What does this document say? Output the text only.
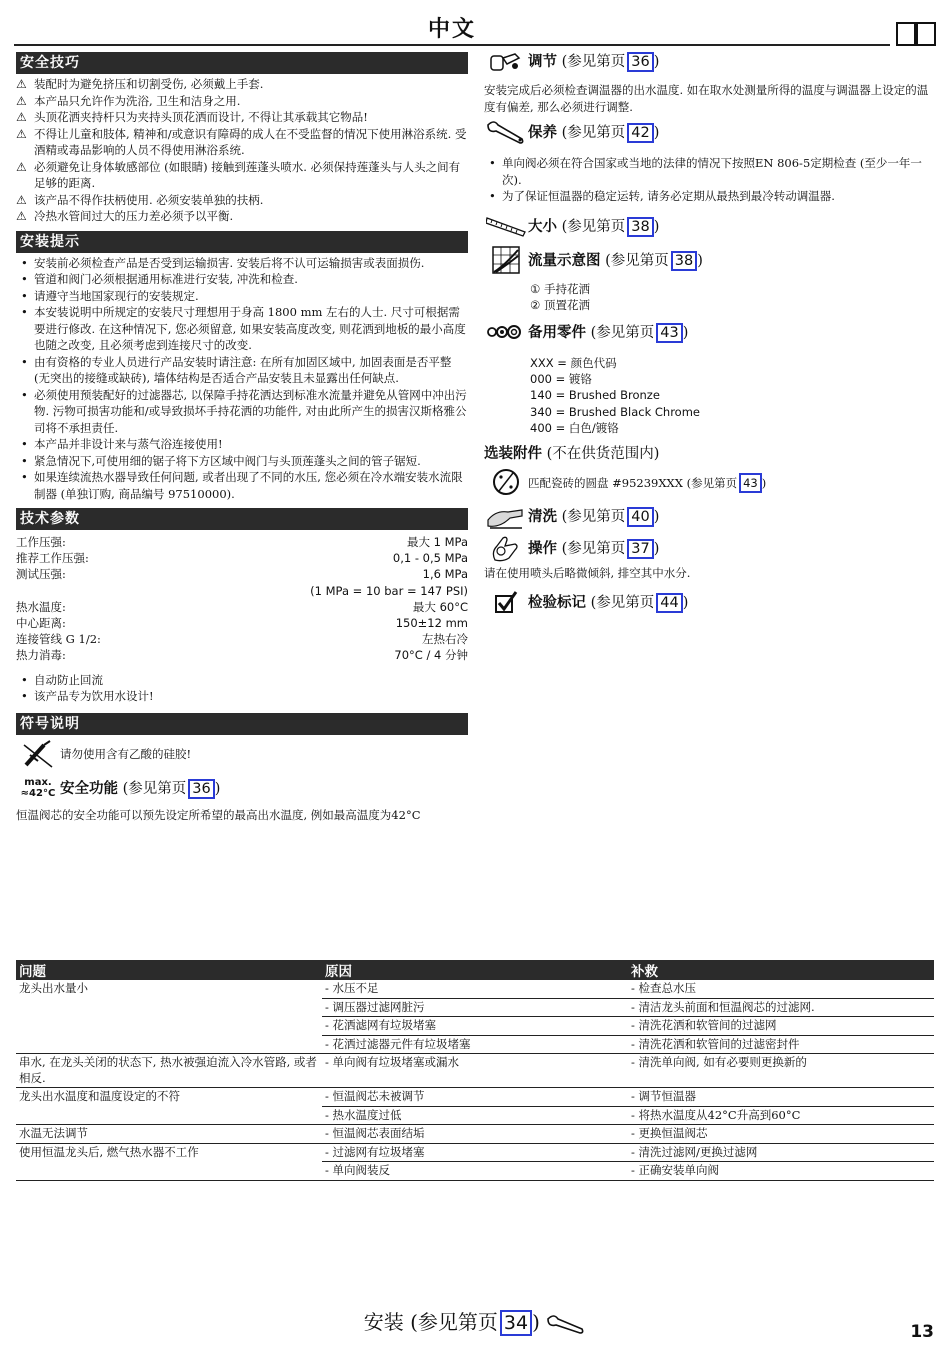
中文
安全技巧
⚠ 装配时为避免挤压和切割受伤, 必须戴上手套.
⚠ 本产品只允许作为洗浴, 卫生和洁身之用.
⚠ 头顶花洒夹持杆只为夹持头顶花洒而设计, 不得让其承载其它物品!
⚠ 不得让儿童和肢体, 精神和/或意识有障碍的成人在不受监督的情况下使用淋浴系统. 受酒精或毒品影响的人员不得使用淋浴系统.
⚠ 必须避免让身体敏感部位 (如眼睛) 接触到莲蓬头喷水. 必须保持莲蓬头与人头之间有足够的距离.
⚠ 该产品不得作扶柄使用. 必须安装单独的扶柄.
⚠ 冷热水管间过大的压力差必须予以平衡.
安装提示
• 安装前必须检查产品是否受到运输损害. 安装后将不认可运输损害或表面损伤.
• 管道和阀门必须根据通用标准进行安装, 冲洗和检查.
• 请遵守当地国家现行的安装规定.
• 本安装说明中所规定的安装尺寸理想用于身高 1800 mm 左右的人士. 尺寸可根据需要进行修改. 在这种情况下, 您必须留意, 如果安装高度改变, 则花洒到地板的最小高度也随之改变, 且必须考虑到连接尺寸的改变.
• 由有资格的专业人员进行产品安装时请注意: 在所有加固区域中, 加固表面是否平整 (无突出的接缝或缺砖), 墙体结构是否适合产品安装且未显露出任何缺点.
• 必须使用预装配好的过滤器芯, 以保障手持花洒达到标准水流量并避免从管网中冲出污物. 污物可损害功能和/或导致损坏手持花洒的功能件, 对由此所产生的损害汉斯格雅公司将不承担责任.
• 本产品并非设计来与蒸气浴连接使用!
• 紧急情况下,可使用细的锯子将下方区域中阀门与头顶莲蓬头之间的管子锯短.
• 如果连续流热水器导致任何问题, 或者出现了不同的水压, 您必须在冷水端安装水流限制器 (单独订购, 商品编号 97510000).
技术参数
工作压强:	最大 1 MPa
推荐工作压强:	0,1 - 0,5 MPa
测试压强:	1,6 MPa
	(1 MPa = 10 bar = 147 PSI)
热水温度:	最大 60°C
中心距离:	150±12 mm
连接管线 G 1/2:	左热右冷
热力消毒:	70°C / 4 分钟
• 自动防止回流
• 该产品专为饮用水设计!
符号说明
请勿使用含有乙酸的硅胶!
max.
≈42°C 安全功能 (参见第页 36 )
恒温阀芯的安全功能可以预先设定所希望的最高出水温度, 例如最高温度为42°C
调节 (参见第页 36 )
安装完成后必须检查调温器的出水温度. 如在取水处测量所得的温度与调温器上设定的温度有偏差, 那么必须进行调整.
保养 (参见第页 42 )
• 单向阀必须在符合国家或当地的法律的情况下按照EN 806-5定期检查 (至少一年一次).
• 为了保证恒温器的稳定运转, 请务必定期从最热到最冷转动调温器.
大小 (参见第页 38 )
流量示意图 (参见第页 38 )
① 手持花洒
② 顶置花洒
备用零件 (参见第页 43 )
XXX = 颜色代码
000 = 镀铬
140 = Brushed Bronze
340 = Brushed Black Chrome
400 = 白色/镀铬
选装附件 (不在供货范围内)
匹配瓷砖的圆盘 #95239XXX (参见第页 43 )
清洗 (参见第页 40 )
操作 (参见第页 37 )
请在使用喷头后略微倾斜, 排空其中水分.
检验标记 (参见第页 44 )
问题	原因	补救
龙头出水量小	- 水压不足	- 检查总水压
	- 调压器过滤网脏污	- 清洁龙头前面和恒温阀芯的过滤网.
	- 花洒滤网有垃圾堵塞	- 清洗花洒和软管间的过滤网
	- 花洒过滤器元件有垃圾堵塞	- 清洗花洒和软管间的过滤密封件
串水, 在龙头关闭的状态下, 热水被强迫流入冷水管路, 或者相反.	- 单向阀有垃圾堵塞或漏水	- 清洗单向阀, 如有必要则更换新的
龙头出水温度和温度设定的不符	- 恒温阀芯未被调节	- 调节恒温器
	- 热水温度过低	- 将热水温度从42°C升高到60°C
水温无法调节	- 恒温阀芯表面结垢	- 更换恒温阀芯
使用恒温龙头后, 燃气热水器不工作	- 过滤网有垃圾堵塞	- 清洗过滤网/更换过滤网
	- 单向阀装反	- 正确安装单向阀
安装 (参见第页 34 )	13
